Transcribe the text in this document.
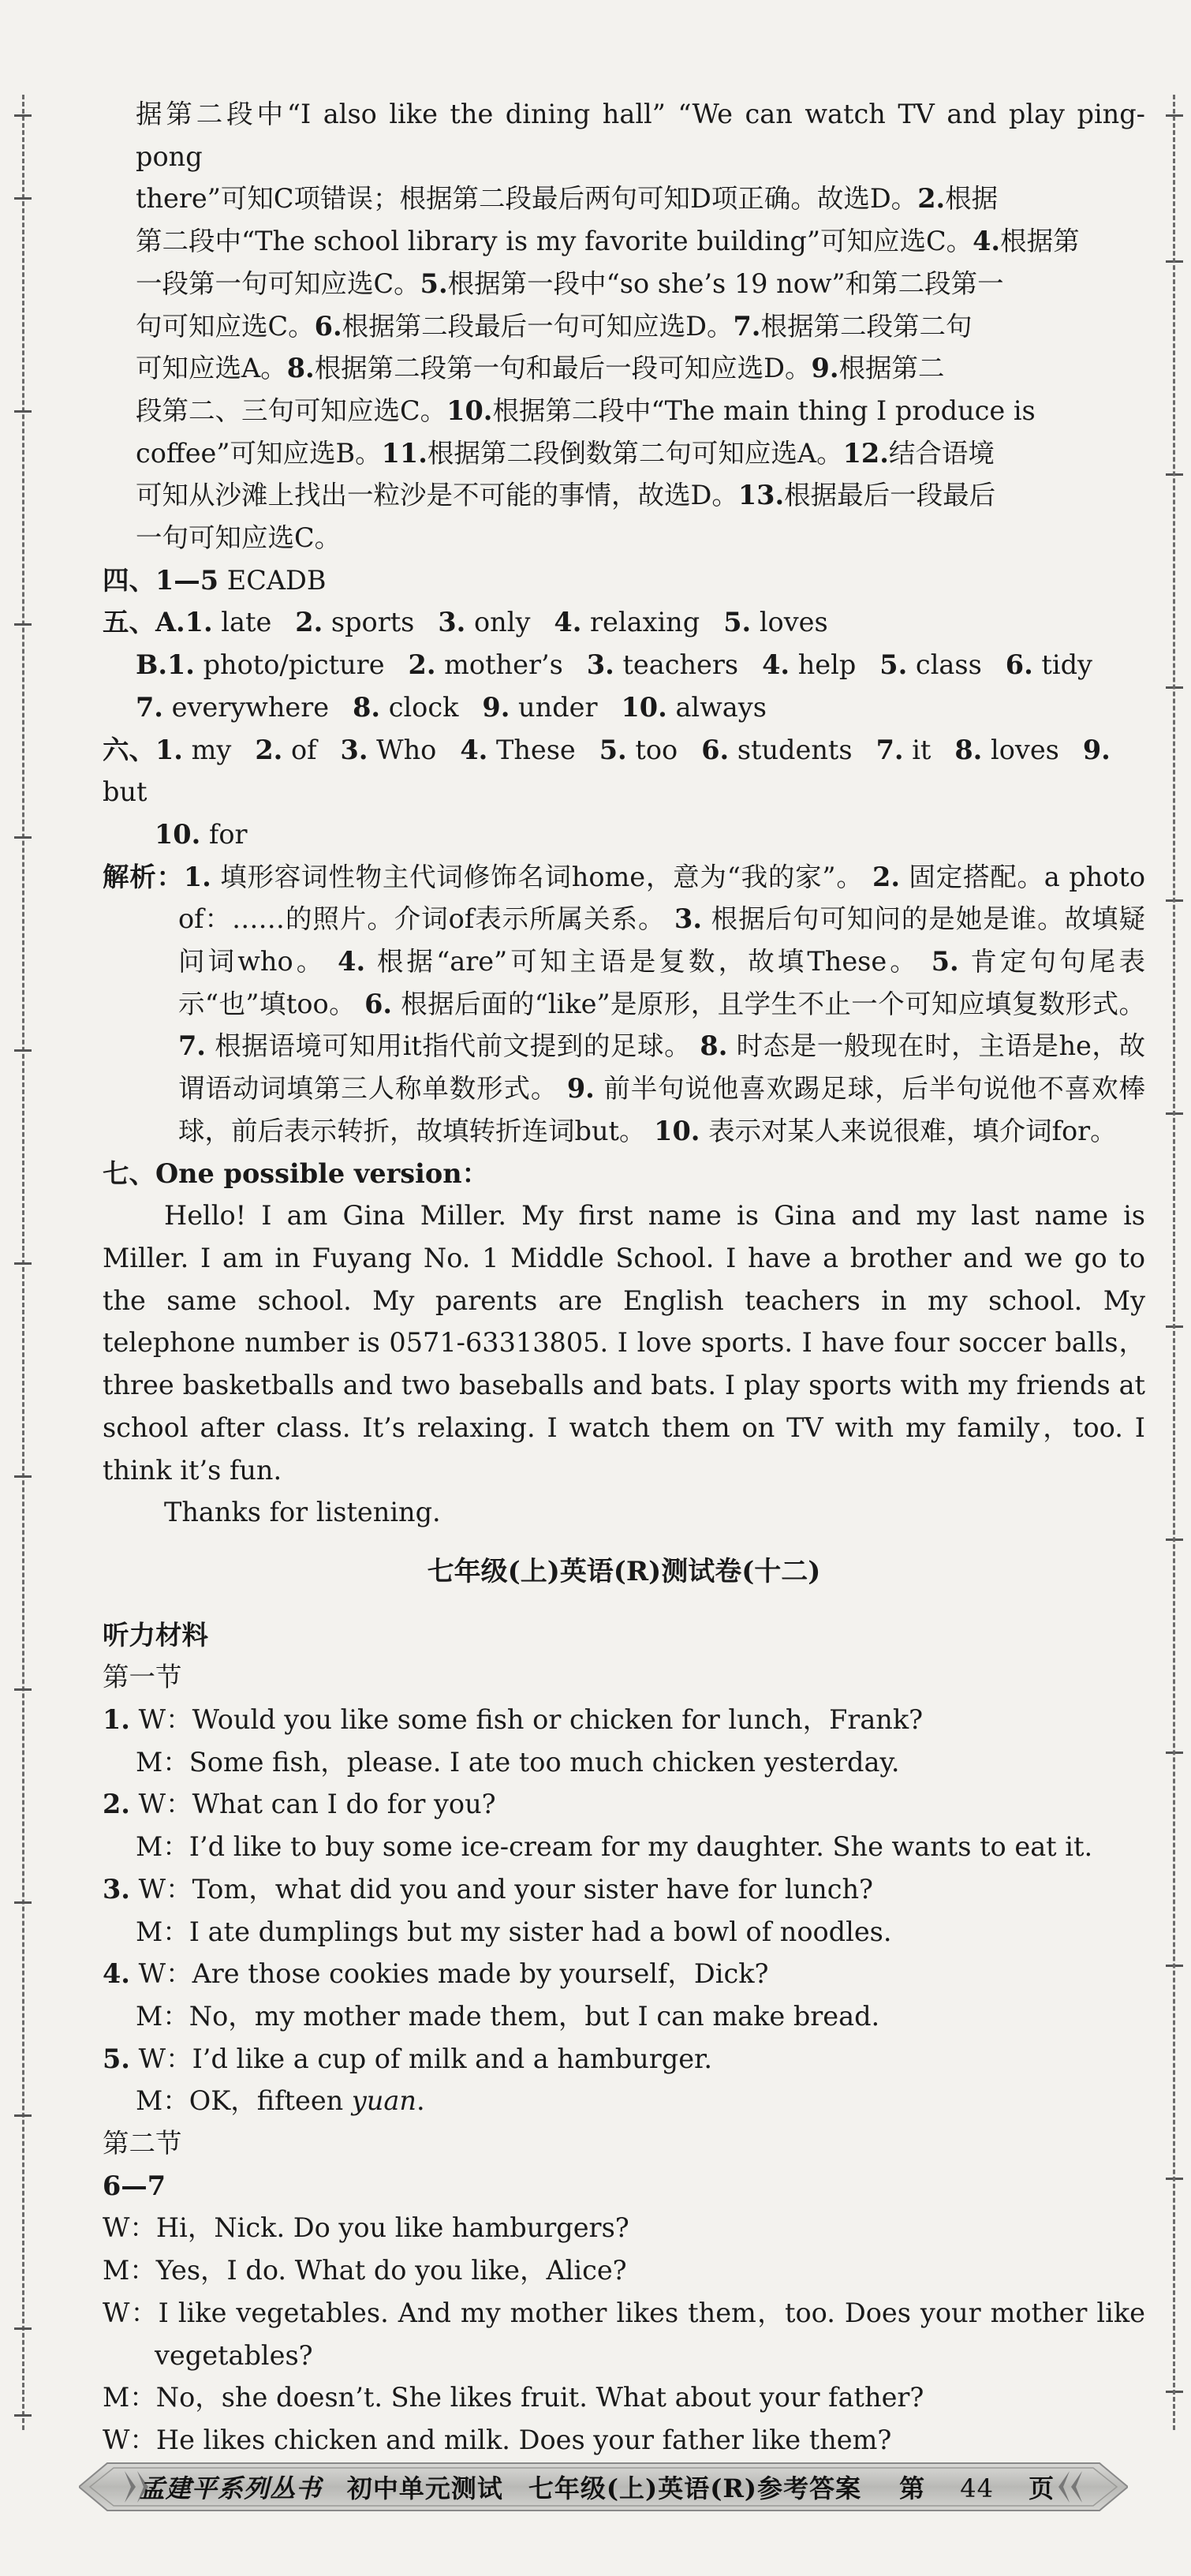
据第二段中“I also like the dining hall” “We can watch TV and play ping-pong
there”可知C项错误；根据第二段最后两句可知D项正确。故选D。2.根据
第二段中“The school library is my favorite building”可知应选C。4.根据第
一段第一句可知应选C。5.根据第一段中“so she’s 19 now”和第二段第一
句可知应选C。6.根据第二段最后一句可知应选D。7.根据第二段第二句
可知应选A。8.根据第二段第一句和最后一段可知应选D。9.根据第二
段第二、三句可知应选C。10.根据第二段中“The main thing I produce is
coffee”可知应选B。11.根据第二段倒数第二句可知应选A。12.结合语境
可知从沙滩上找出一粒沙是不可能的事情，故选D。13.根据最后一段最后
一句可知应选C。
四、1—5 ECADB
五、A.1. late 2. sports 3. only 4. relaxing 5. loves
B.1. photo/picture 2. mother’s 3. teachers 4. help 5. class 6. tidy
7. everywhere 8. clock 9. under 10. always
六、1. my 2. of 3. Who 4. These 5. too 6. students 7. it 8. loves 9. but
10. for
解析：1. 填形容词性物主代词修饰名词home，意为“我的家”。 2. 固定搭配。a photo of：……的照片。介词of表示所属关系。 3. 根据后句可知问的是她是谁。故填疑问词who。 4. 根据“are”可知主语是复数，故填These。 5. 肯定句句尾表示“也”填too。 6. 根据后面的“like”是原形，且学生不止一个可知应填复数形式。 7. 根据语境可知用it指代前文提到的足球。 8. 时态是一般现在时，主语是he，故谓语动词填第三人称单数形式。 9. 前半句说他喜欢踢足球，后半句说他不喜欢棒球，前后表示转折，故填转折连词but。 10. 表示对某人来说很难，填介词for。
七、One possible version：
Hello! I am Gina Miller. My first name is Gina and my last name is Miller. I am in Fuyang No. 1 Middle School. I have a brother and we go to the same school. My parents are English teachers in my school. My telephone number is 0571-63313805. I love sports. I have four soccer balls，three basketballs and two baseballs and bats. I play sports with my friends at school after class. It’s relaxing. I watch them on TV with my family，too. I think it’s fun.
Thanks for listening.
七年级(上)英语(R)测试卷(十二)
听力材料
第一节
1. W：Would you like some fish or chicken for lunch，Frank?
M：Some fish，please. I ate too much chicken yesterday.
2. W：What can I do for you?
M：I’d like to buy some ice-cream for my daughter. She wants to eat it.
3. W：Tom，what did you and your sister have for lunch?
M：I ate dumplings but my sister had a bowl of noodles.
4. W：Are those cookies made by yourself，Dick?
M：No，my mother made them，but I can make bread.
5. W：I’d like a cup of milk and a hamburger.
M：OK，fifteen yuan.
第二节
6—7
W：Hi，Nick. Do you like hamburgers?
M：Yes，I do. What do you like，Alice?
W：I like vegetables. And my mother likes them，too. Does your mother like vegetables?
M：No，she doesn’t. She likes fruit. What about your father?
W：He likes chicken and milk. Does your father like them?
孟建平系列丛书 初中单元测试 七年级(上)英语(R)参考答案	第 44 页
